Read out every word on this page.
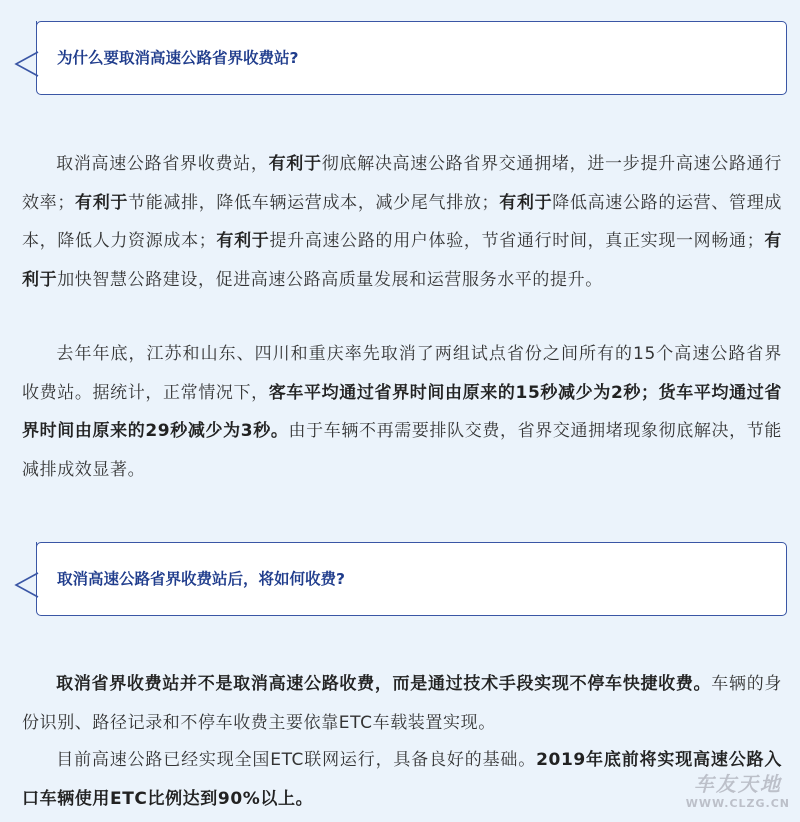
为什么要取消高速公路省界收费站?
取消高速公路省界收费站，有利于彻底解决高速公路省界交通拥堵，进一步提升高速公路通行效率；有利于节能减排，降低车辆运营成本，减少尾气排放；有利于降低高速公路的运营、管理成本，降低人力资源成本；有利于提升高速公路的用户体验，节省通行时间，真正实现一网畅通；有利于加快智慧公路建设，促进高速公路高质量发展和运营服务水平的提升。
去年年底，江苏和山东、四川和重庆率先取消了两组试点省份之间所有的15个高速公路省界收费站。据统计，正常情况下，客车平均通过省界时间由原来的15秒减少为2秒；货车平均通过省界时间由原来的29秒减少为3秒。由于车辆不再需要排队交费，省界交通拥堵现象彻底解决，节能减排成效显著。
取消高速公路省界收费站后，将如何收费?
取消省界收费站并不是取消高速公路收费，而是通过技术手段实现不停车快捷收费。车辆的身份识别、路径记录和不停车收费主要依靠ETC车载装置实现。
目前高速公路已经实现全国ETC联网运行，具备良好的基础。2019年底前将实现高速公路入口车辆使用ETC比例达到90%以上。
车友天地
WWW.CLZG.CN
